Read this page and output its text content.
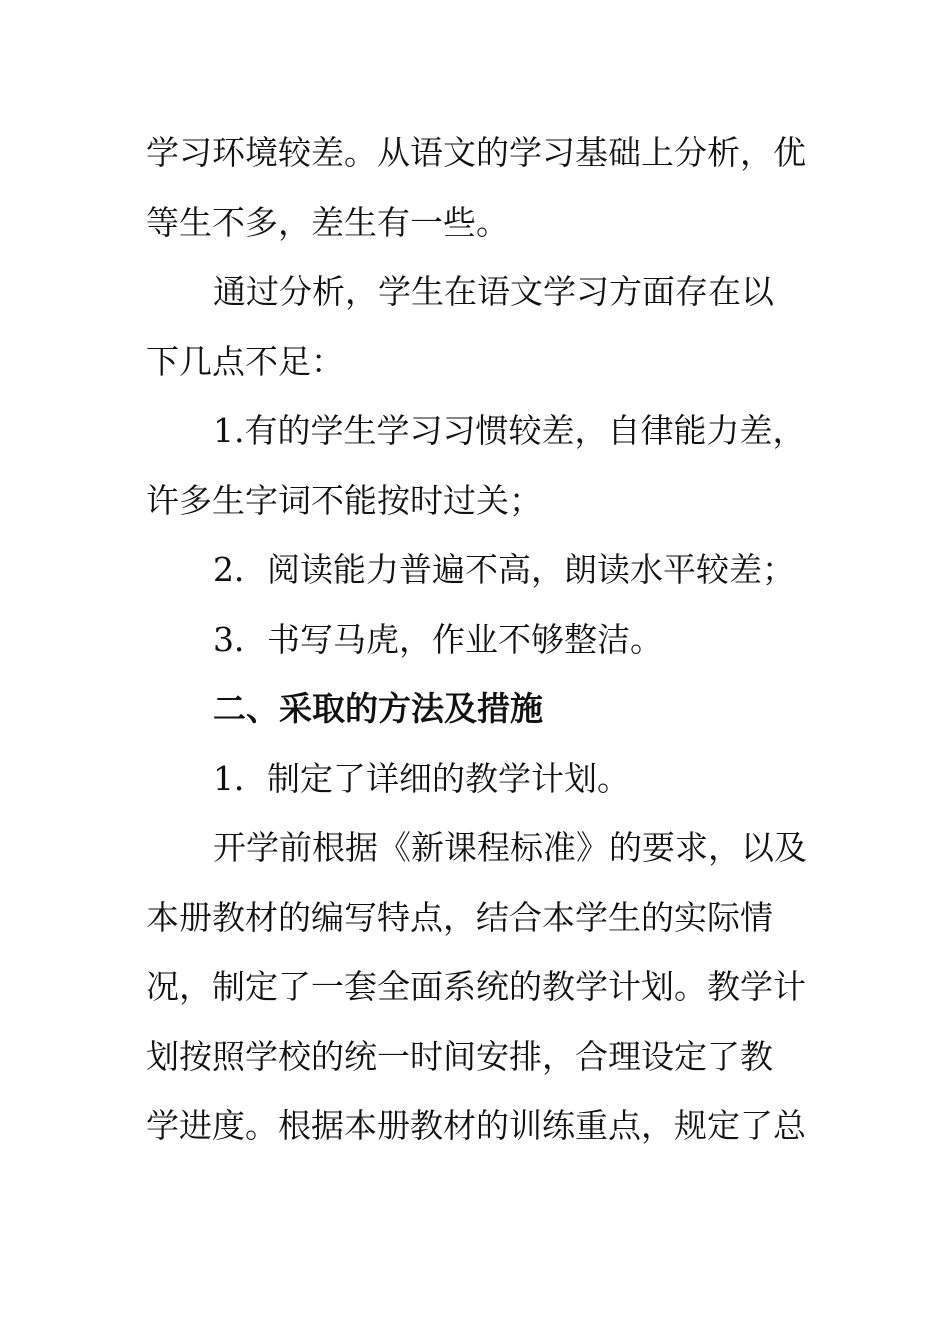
学习环境较差。从语文的学习基础上分析，优
等生不多，差生有一些。
通过分析，学生在语文学习方面存在以
下几点不足：
1.有的学生学习习惯较差，自律能力差，
许多生字词不能按时过关；
2．阅读能力普遍不高，朗读水平较差；
3．书写马虎，作业不够整洁。
二、采取的方法及措施
1．制定了详细的教学计划。
开学前根据《新课程标准》的要求，以及
本册教材的编写特点，结合本学生的实际情
况，制定了一套全面系统的教学计划。教学计
划按照学校的统一时间安排，合理设定了教
学进度。根据本册教材的训练重点，规定了总
